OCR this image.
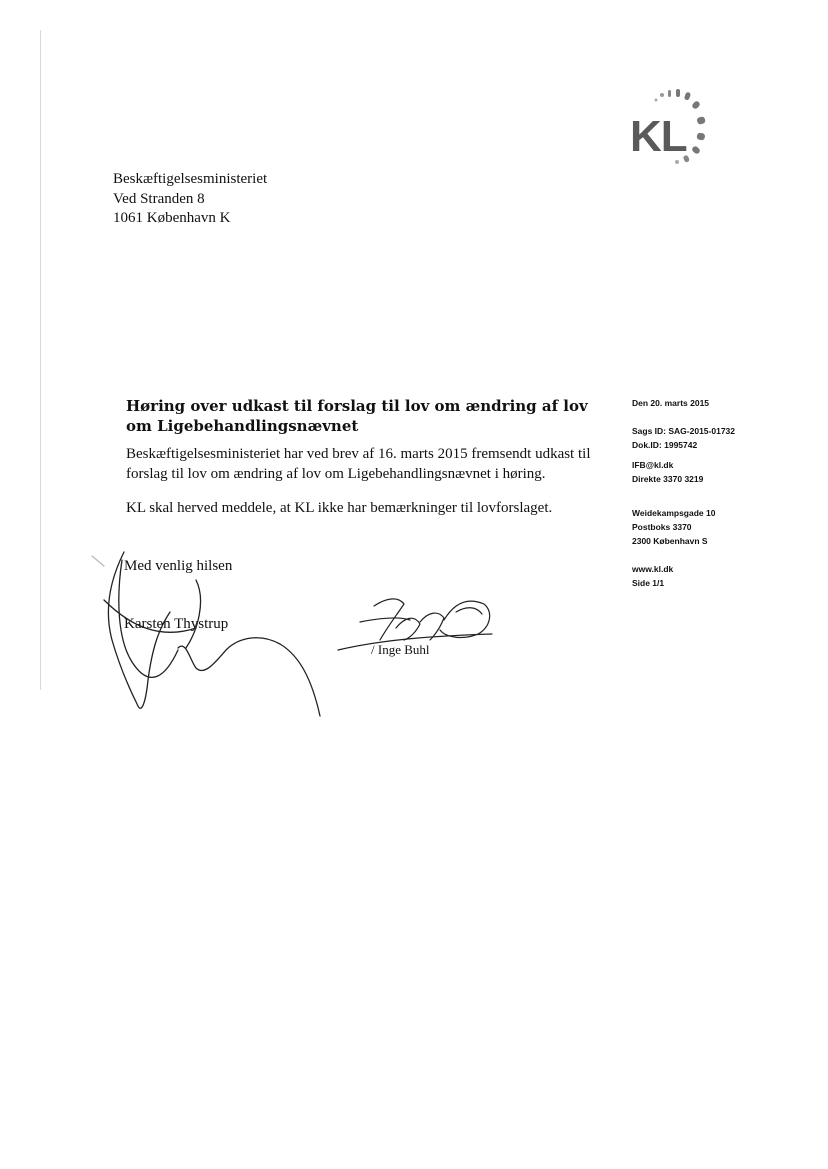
KL
Beskæftigelsesministeriet
Ved Stranden 8
1061 København K
Høring over udkast til forslag til lov om ændring af lov om Ligebehandlingsnævnet
Beskæftigelsesministeriet har ved brev af 16. marts 2015 fremsendt udkast til forslag til lov om ændring af lov om Ligebehandlingsnævnet i høring.
KL skal herved meddele, at KL ikke har bemærkninger til lovforslaget.
Med venlig hilsen
Karsten Thystrup
/ Inge Buhl
Den 20. marts 2015
Sags ID: SAG-2015-01732
Dok.ID: 1995742
IFB@kl.dk
Direkte 3370 3219
Weidekampsgade 10
Postboks 3370
2300 København S
www.kl.dk
Side 1/1
